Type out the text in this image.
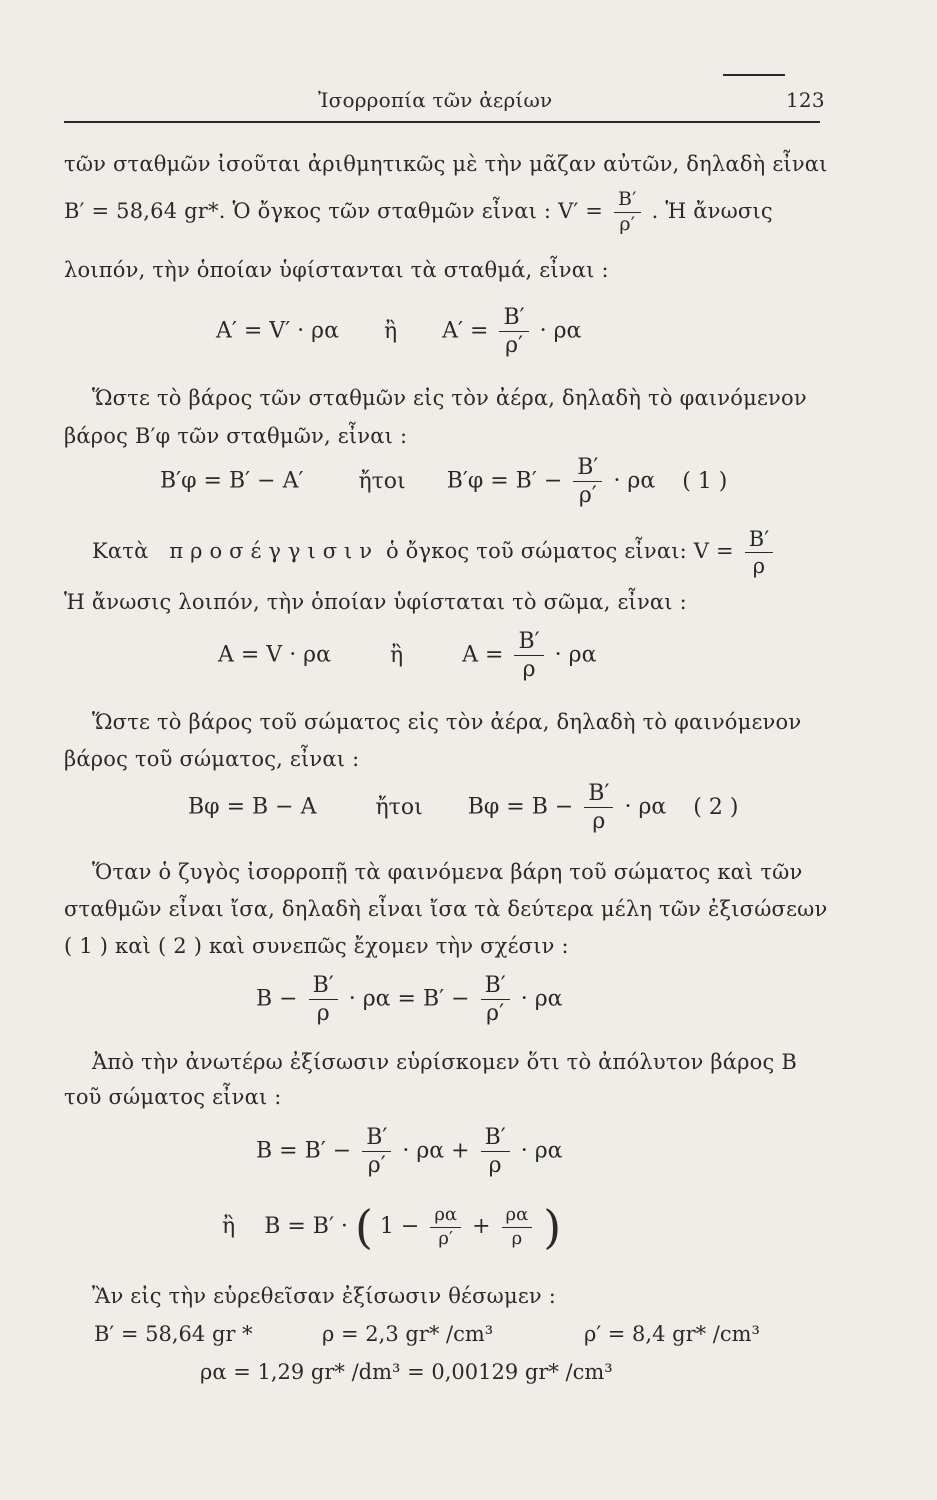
Ἰσορροπία τῶν ἀερίων	123
τῶν σταθμῶν ἰσοῦται ἀριθμητικῶς μὲ τὴν μᾶζαν αὐτῶν, δηλαδὴ εἶναι
B′ = 58,64 gr*. Ὁ ὄγκος τῶν σταθμῶν εἶναι : $V' = \frac{B'}{\rho'}$ . Ἡ ἄνωσις
λοιπόν, τὴν ὁποίαν ὑφίστανται τὰ σταθμά, εἶναι :
A′ = V′ · ρα ἢ $A' = \frac{B'}{\rho'} \cdot \rho\alpha$
Ὥστε τὸ βάρος τῶν σταθμῶν εἰς τὸν ἀέρα, δηλαδὴ τὸ φαινόμενον
βάρος B′φ τῶν σταθμῶν, εἶναι :
B′φ = B′ − A′	ἤτοι $B'\varphi = B' - \frac{B'}{\rho'} \cdot \rho\alpha$ ( 1 )
Κατὰ προσέγγισιν ὁ ὄγκος τοῦ σώματος εἶναι: $V = \frac{B'}{\rho}$
Ἡ ἄνωσις λοιπόν, τὴν ὁποίαν ὑφίσταται τὸ σῶμα, εἶναι :
A = V · ρα	ἢ	$A = \frac{B'}{\rho} \cdot \rho\alpha$
Ὥστε τὸ βάρος τοῦ σώματος εἰς τὸν ἀέρα, δηλαδὴ τὸ φαινόμενον
βάρος τοῦ σώματος, εἶναι :
Bφ = B − A	ἤτοι $B\varphi = B - \frac{B'}{\rho} \cdot \rho\alpha$ ( 2 )
Ὅταν ὁ ζυγὸς ἰσορροπῇ τὰ φαινόμενα βάρη τοῦ σώματος καὶ τῶν
σταθμῶν εἶναι ἴσα, δηλαδὴ εἶναι ἴσα τὰ δεύτερα μέλη τῶν ἐξισώσεων
( 1 ) καὶ ( 2 ) καὶ συνεπῶς ἔχομεν τὴν σχέσιν :
$B - \frac{B'}{\rho} \cdot \rho\alpha = B' - \frac{B'}{\rho'} \cdot \rho\alpha$
Ἀπὸ τὴν ἀνωτέρω ἐξίσωσιν εὑρίσκομεν ὅτι τὸ ἀπόλυτον βάρος B
τοῦ σώματος εἶναι :
$B = B' - \frac{B'}{\rho'} \cdot \rho\alpha + \frac{B'}{\rho} \cdot \rho\alpha$
ἢ B = B′ · ( $1 - \frac{\rho\alpha}{\rho'} + \frac{\rho\alpha}{\rho}$ )
Ἂν εἰς τὴν εὑρεθεῖσαν ἐξίσωσιν θέσωμεν :
B′ = 58,64 gr *	ρ = 2,3 gr* /cm³	ρ′ = 8,4 gr* /cm³
ρα = 1,29 gr* /dm³ = 0,00129 gr* /cm³
